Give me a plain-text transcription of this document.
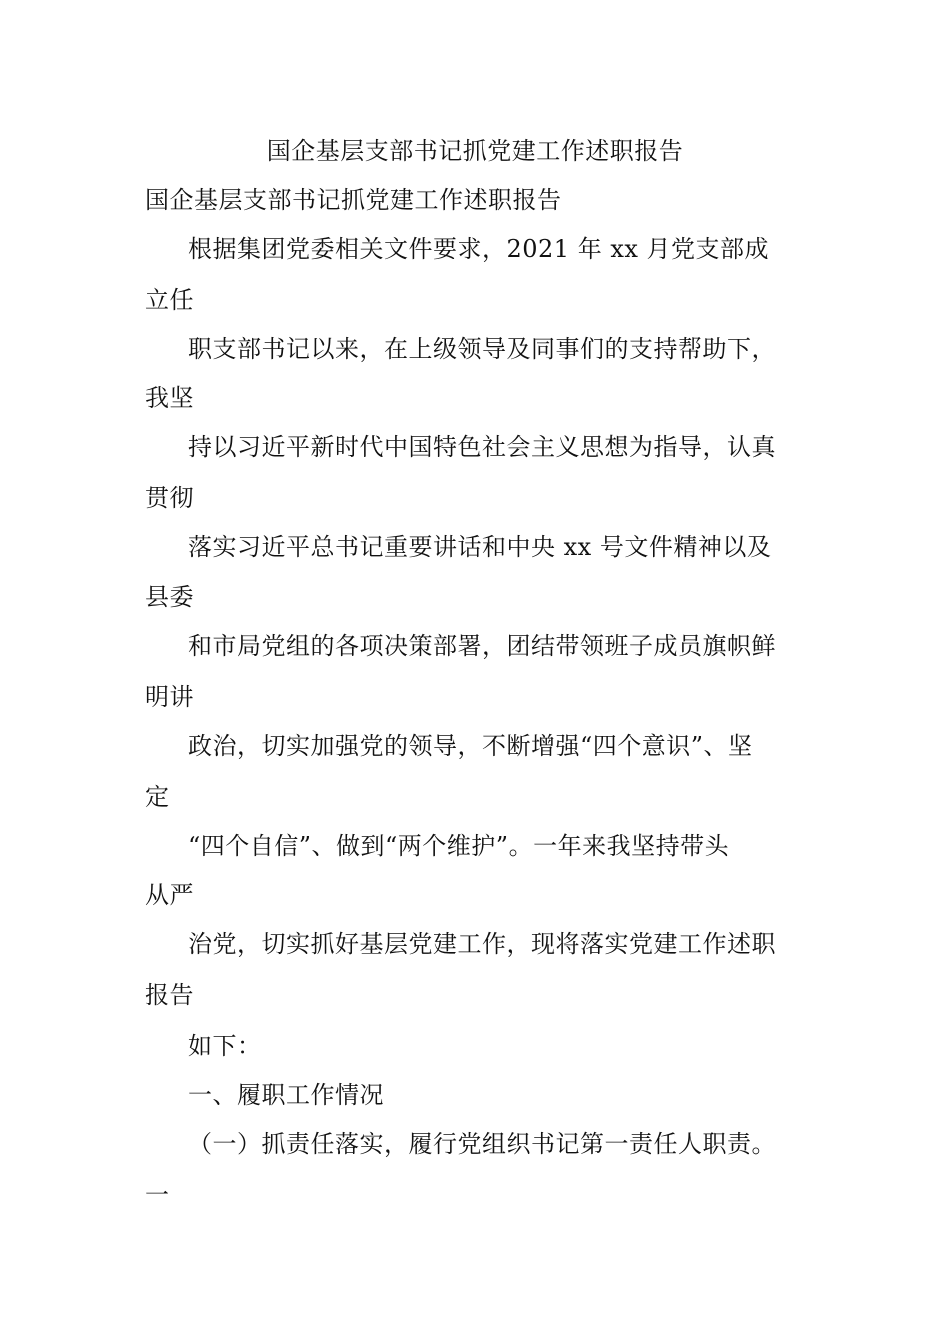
国企基层支部书记抓党建工作述职报告
国企基层支部书记抓党建工作述职报告
根据集团党委相关文件要求，2021 年 xx 月党支部成
立任
职支部书记以来，在上级领导及同事们的支持帮助下，
我坚
持以习近平新时代中国特色社会主义思想为指导，认真
贯彻
落实习近平总书记重要讲话和中央 xx 号文件精神以及
县委
和市局党组的各项决策部署，团结带领班子成员旗帜鲜
明讲
政治，切实加强党的领导，不断增强“四个意识”、坚
定
“四个自信”、做到“两个维护”。一年来我坚持带头
从严
治党，切实抓好基层党建工作，现将落实党建工作述职
报告
如下：
一、履职工作情况
（一）抓责任落实，履行党组织书记第一责任人职责。
一
